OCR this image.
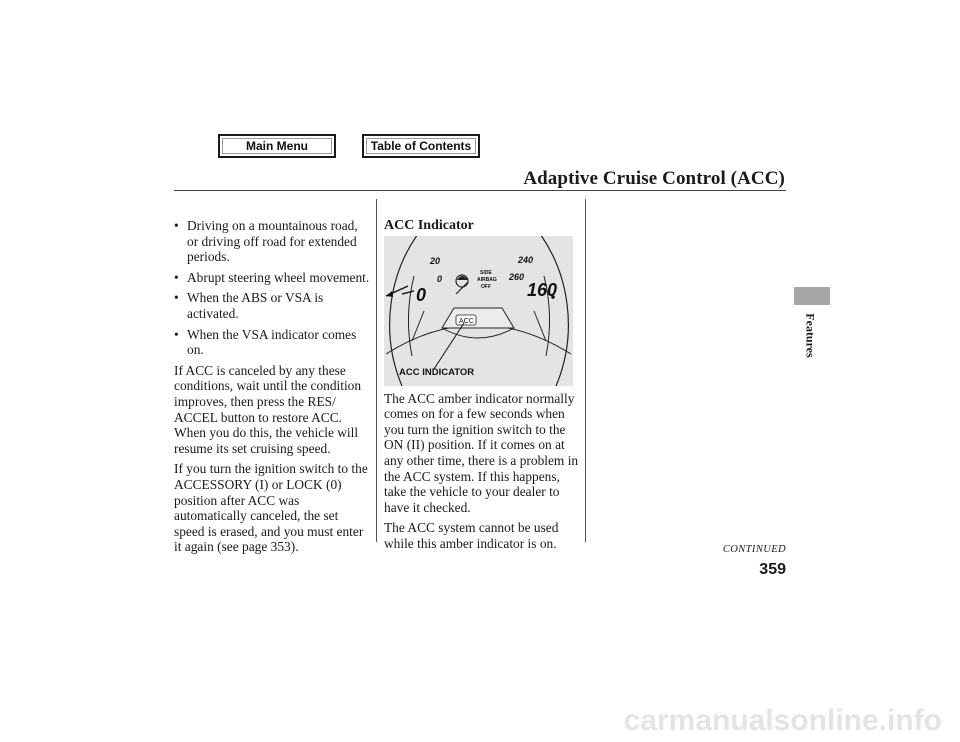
Main Menu	Table of Contents
Adaptive Cruise Control (ACC)
Features
• Driving on a mountainous road, or driving off road for extended periods.
• Abrupt steering wheel movement.
• When the ABS or VSA is activated.
• When the VSA indicator comes on.

If ACC is canceled by any these conditions, wait until the condition improves, then press the RES/ ACCEL button to restore ACC. When you do this, the vehicle will resume its set cruising speed.

If you turn the ignition switch to the ACCESSORY (I) or LOCK (0) position after ACC was automatically canceled, the set speed is erased, and you must enter it again (see page 353).

ACC Indicator
20
0
240
260
0	160
SIDE
AIRBAG
OFF
ACC
ACC INDICATOR

The ACC amber indicator normally comes on for a few seconds when you turn the ignition switch to the ON (II) position. If it comes on at any other time, there is a problem in the ACC system. If this happens, take the vehicle to your dealer to have it checked.

The ACC system cannot be used while this amber indicator is on.	CONTINUED
359
carmanualsonline.info
